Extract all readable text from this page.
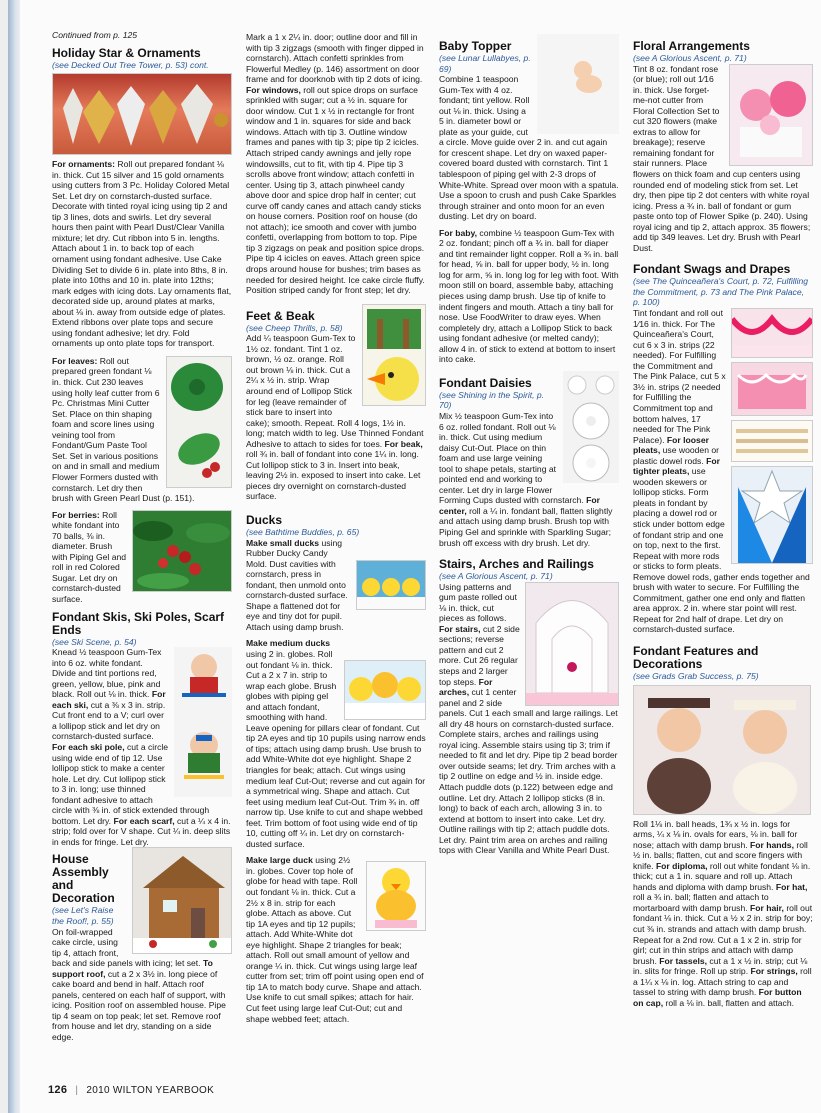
Continued from p. 125

Holiday Star & Ornaments

(see Decked Out Tree Tower, p. 53) cont.

For ornaments: Roll out prepared fondant ⅛ in. thick. Cut 15 silver and 15 gold ornaments using cutters from 3 Pc. Holiday Colored Metal Set. Let dry on cornstarch-dusted surface. Decorate with tinted royal icing using tip 2 and tip 3 lines, dots and swirls. Let dry several hours then paint with Pearl Dust/Clear Vanilla mixture; let dry. Cut ribbon into 5 in. lengths. Attach about 1 in. to back top of each ornament using fondant adhesive. Use Cake Dividing Set to divide 6 in. plate into 8ths, 8 in. plate into 10ths and 10 in. plate into 12ths; mark edges with icing dots. Lay ornaments flat, decorated side up, around plates at marks, about ⅛ in. away from outside edge of plates. Extend ribbons over plate tops and secure using fondant adhesive; let dry. Fold ornaments up onto plate tops for transport.

For leaves: Roll out prepared green fondant ⅛ in. thick. Cut 230 leaves using holly leaf cutter from 6 Pc. Christmas Mini Cutter Set. Place on thin shaping foam and score lines using veining tool from Fondant/Gum Paste Tool Set. Set in various positions on and in small and medium Flower Formers dusted with cornstarch. Let dry then brush with Green Pearl Dust (p. 151).

For berries: Roll white fondant into 70 balls, ⅜ in. diameter. Brush with Piping Gel and roll in red Colored Sugar. Let dry on cornstarch-dusted surface.

Fondant Skis, Ski Poles, Scarf Ends

(see Ski Scene, p. 54)

Knead ½ teaspoon Gum-Tex into 6 oz. white fondant. Divide and tint portions red, green, yellow, blue, pink and black. Roll out ⅛ in. thick. For each ski, cut a ⅜ x 3 in. strip. Cut front end to a V; curl over a lollipop stick and let dry on cornstarch-dusted surface. For each ski pole, cut a circle using wide end of tip 12. Use lollipop stick to make a center hole. Let dry. Cut lollipop stick to 3 in. long; use thinned fondant adhesive to attach circle with ⅜ in. of stick extended through bottom. Let dry. For each scarf, cut a ¼ x 4 in. strip; fold over for V shape. Cut ¼ in. deep slits in ends for fringe. Let dry.

House Assembly and Decoration

(see Let's Raise the Roof!, p. 55)

On foil-wrapped cake circle, using tip 4, attach front, back and side panels with icing; let set. To support roof, cut a 2 x 3½ in. long piece of cake board and bend in half. Attach roof panels, centered on each half of support, with icing. Position roof on assembled house. Pipe tip 4 seam on top peak; let set. Remove roof from house and let dry, standing on a side edge.

Mark a 1 x 2¼ in. door; outline door and fill in with tip 3 zigzags (smooth with finger dipped in cornstarch). Attach confetti sprinkles from Flowerful Medley (p. 146) assortment on door frame and for doorknob with tip 2 dots of icing. For windows, roll out spice drops on surface sprinkled with sugar; cut a ½ in. square for door window. Cut 1 x ½ in rectangle for front window and 1 in. squares for side and back windows. Attach with tip 3. Outline window frames and panes with tip 3; pipe tip 2 icicles. Attach striped candy awnings and jelly rope windowsills, cut to fit, with tip 4. Pipe tip 3 scrolls above front window; attach confetti in center. Using tip 3, attach pinwheel candy above door and spice drop half in center; cut curve off candy canes and attach candy sticks on house corners. Position roof on house (do not attach); ice smooth and cover with jumbo confetti, overlapping from bottom to top. Pipe tip 3 zigzags on peak and position spice drops. Pipe tip 4 icicles on eaves. Attach green spice drops around house for bushes; trim bases as needed for desired height. Ice cake circle fluffy. Position striped candy for front step; let dry.

Feet & Beak

(see Cheep Thrills, p. 58)

Add ¼ teaspoon Gum-Tex to 1½ oz. fondant. Tint 1 oz. brown, ½ oz. orange. Roll out brown ⅛ in. thick. Cut a 2¼ x ½ in. strip. Wrap around end of Lollipop Stick for leg (leave remainder of stick bare to insert into cake); smooth. Repeat. Roll 4 logs, 1½ in. long; match width to leg. Use Thinned Fondant Adhesive to attach to sides for toes. For beak, roll ¾ in. ball of fondant into cone 1¼ in. long. Cut lollipop stick to 3 in. Insert into beak, leaving 2½ in. exposed to insert into cake. Let pieces dry overnight on cornstarch-dusted surface.

Ducks

(see Bathtime Buddies, p. 65)

Make small ducks using Rubber Ducky Candy Mold. Dust cavities with cornstarch, press in fondant, then unmold onto cornstarch-dusted surface. Shape a flattened dot for eye and tiny dot for pupil. Attach using damp brush.

Make medium ducks using 2 in. globes. Roll out fondant ⅛ in. thick. Cut a 2 x 7 in. strip to wrap each globe. Brush globes with piping gel and attach fondant, smoothing with hand. Leave opening for pillars clear of fondant. Cut tip 2A eyes and tip 10 pupils using narrow ends of tips; attach using damp brush. Use brush to add White-White dot eye highlight. Shape 2 triangles for beak; attach. Cut wings using medium leaf Cut-Out; reverse and cut again for a symmetrical wing. Shape and attach. Cut feet using medium leaf Cut-Out. Trim ¾ in. off narrow tip. Use knife to cut and shape webbed feet. Trim bottom of foot using wide end of tip 10, cutting off ¼ in. Let dry on cornstarch-dusted surface.

Make large duck using 2½ in. globes. Cover top hole of globe for head with tape. Roll out fondant ⅛ in. thick. Cut a 2½ x 8 in. strip for each globe. Attach as above. Cut tip 1A eyes and tip 12 pupils; attach. Add White-White dot eye highlight. Shape 2 triangles for beak; attach. Roll out small amount of yellow and orange ¼ in. thick. Cut wings using large leaf cutter from set; trim off point using open end of tip 1A to match body curve. Shape and attach. Use knife to cut small spikes; attach for hair. Cut feet using large leaf Cut-Out; cut and shape webbed feet; attach.

Baby Topper

(see Lunar Lullabyes, p. 69)

Combine 1 teaspoon Gum-Tex with 4 oz. fondant; tint yellow. Roll out ⅛ in. thick. Using a 5 in. diameter bowl or plate as your guide, cut a circle. Move guide over 2 in. and cut again for crescent shape. Let dry on waxed paper-covered board dusted with cornstarch. Tint 1 tablespoon of piping gel with 2-3 drops of White-White. Spread over moon with a spatula. Use a spoon to crush and push Cake Sparkles through strainer and onto moon for an even dusting. Let dry on board.

For baby, combine ½ teaspoon Gum-Tex with 2 oz. fondant; pinch off a ¾ in. ball for diaper and tint remainder light copper. Roll a ¾ in. ball for head, ⅝ in. ball for upper body, ½ in. long log for arm, ⅝ in. long log for leg with foot. With moon still on board, assemble baby, attaching pieces using damp brush. Use tip of knife to indent fingers and mouth. Attach a tiny ball for nose. Use FoodWriter to draw eyes. When completely dry, attach a Lollipop Stick to back using fondant adhesive (or melted candy); allow 4 in. of stick to extend at bottom to insert into cake.

Fondant Daisies

(see Shining in the Spirit, p. 70)

Mix ½ teaspoon Gum-Tex into 6 oz. rolled fondant. Roll out ⅛ in. thick. Cut using medium daisy Cut-Out. Place on thin foam and use large veining tool to shape petals, starting at pointed end and working to center. Let dry in large Flower Forming Cups dusted with cornstarch. For center, roll a ¼ in. fondant ball, flatten slightly and attach using damp brush. Brush top with Piping Gel and sprinkle with Sparkling Sugar; brush off excess with dry brush. Let dry.

Stairs, Arches and Railings

(see A Glorious Ascent, p. 71)

Using patterns and gum paste rolled out ⅛ in. thick, cut pieces as follows. For stairs, cut 2 side sections; reverse pattern and cut 2 more. Cut 26 regular steps and 2 larger top steps. For arches, cut 1 center panel and 2 side panels. Cut 1 each small and large railings. Let all dry 48 hours on cornstarch-dusted surface. Complete stairs, arches and railings using royal icing. Assemble stairs using tip 3; trim if needed to fit and let dry. Pipe tip 2 bead border over outside seams; let dry. Trim arches with a tip 2 outline on edge and ½ in. inside edge. Attach puddle dots (p.122) between edge and outline. Let dry. Attach 2 lollipop sticks (8 in. long) to back of each arch, allowing 3 in. to extend at bottom to insert into cake. Let dry. Outline railings with tip 2; attach puddle dots. Let dry. Paint trim area on arches and railing tops with Clear Vanilla and White Pearl Dust.

Floral Arrangements

(see A Glorious Ascent, p. 71)

Tint 8 oz. fondant rose (or blue); roll out 1⁄16 in. thick. Use forget-me-not cutter from Floral Collection Set to cut 320 flowers (make extras to allow for breakage); reserve remaining fondant for stair runners. Place flowers on thick foam and cup centers using rounded end of modeling stick from set. Let dry, then pipe tip 2 dot centers with white royal icing. Press a ¾ in. ball of fondant or gum paste onto top of Flower Spike (p. 240). Using royal icing and tip 2, attach approx. 35 flowers; add tip 349 leaves. Let dry. Brush with Pearl Dust.

Fondant Swags and Drapes

(see The Quinceañera's Court, p. 72, Fulfilling the Commitment, p. 73 and The Pink Palace, p. 100)

Tint fondant and roll out 1⁄16 in. thick. For The Quinceañera's Court, cut 6 x 3 in. strips (22 needed). For Fulfilling the Commitment and The Pink Palace, cut 5 x 3½ in. strips (2 needed for Fulfilling the Commitment top and bottom halves, 17 needed for The Pink Palace). For looser pleats, use wooden or plastic dowel rods. For tighter pleats, use wooden skewers or lollipop sticks. Form pleats in fondant by placing a dowel rod or stick under bottom edge of fondant strip and one on top, next to the first. Repeat with more rods or sticks to form pleats. Remove dowel rods, gather ends together and brush with water to secure. For Fulfilling the Commitment, gather one end only and flatten area approx. 2 in. where star point will rest. Repeat for 2nd half of drape. Let dry on cornstarch-dusted surface.

Fondant Features and Decorations

(see Grads Grab Success, p. 75)

Roll 1⅛ in. ball heads, 1¾ x ½ in. logs for arms, ¼ x ⅛ in. ovals for ears, ⅛ in. ball for nose; attach with damp brush. For hands, roll ½ in. balls; flatten, cut and score fingers with knife. For diploma, roll out white fondant ⅛ in. thick; cut a 1 in. square and roll up. Attach hands and diploma with damp brush. For hat, roll a ¾ in. ball; flatten and attach to mortarboard with damp brush. For hair, roll out fondant ⅛ in. thick. Cut a ½ x 2 in. strip for boy; cut ⅜ in. strands and attach with damp brush. Repeat for a 2nd row. Cut a 1 x 2 in. strip for girl; cut in thin strips and attach with damp brush. For tassels, cut a 1 x ½ in. strip; cut ⅛ in. slits for fringe. Roll up strip. For strings, roll a 1¼ x ⅛ in. log. Attach string to cap and tassel to string with damp brush. For button on cap, roll a ⅛ in. ball, flatten and attach.

126 | 2010 WILTON YEARBOOK
